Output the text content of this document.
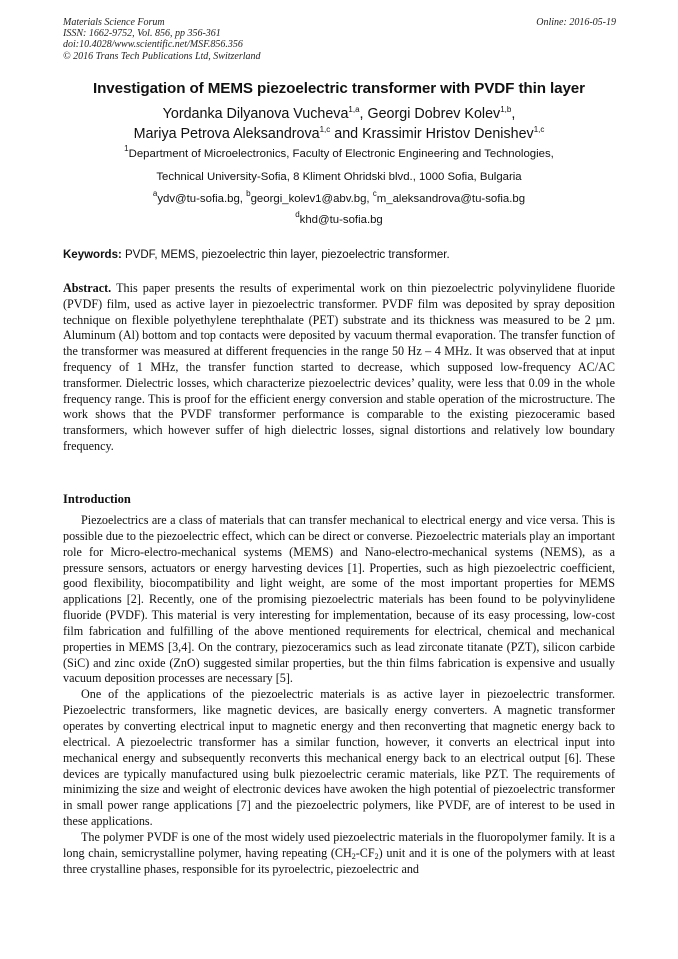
Materials Science Forum
ISSN: 1662-9752, Vol. 856, pp 356-361
doi:10.4028/www.scientific.net/MSF.856.356
© 2016 Trans Tech Publications Ltd, Switzerland
Online: 2016-05-19
Investigation of MEMS piezoelectric transformer with PVDF thin layer
Yordanka Dilyanova Vucheva$^{1,a}$, Georgi Dobrev Kolev$^{1,b}$,
Mariya Petrova Aleksandrova$^{1,c}$ and Krassimir Hristov Denishev$^{1,c}$
$^1$Department of Microelectronics, Faculty of Electronic Engineering and Technologies,
Technical University-Sofia, 8 Kliment Ohridski blvd., 1000 Sofia, Bulgaria
$^a$ydv@tu-sofia.bg, $^b$georgi_kolev1@abv.bg, $^c$m_aleksandrova@tu-sofia.bg
$^d$khd@tu-sofia.bg
Keywords: PVDF, MEMS, piezoelectric thin layer, piezoelectric transformer.
Abstract. This paper presents the results of experimental work on thin piezoelectric polyvinylidene fluoride (PVDF) film, used as active layer in piezoelectric transformer. PVDF film was deposited by spray deposition technique on flexible polyethylene terephthalate (PET) substrate and its thickness was measured to be 2 µm. Aluminum (Al) bottom and top contacts were deposited by vacuum thermal evaporation. The transfer function of the transformer was measured at different frequencies in the range 50 Hz – 4 MHz. It was observed that at input frequency of 1 MHz, the transfer function started to decrease, which supposed low-frequency AC/AC transformer. Dielectric losses, which characterize piezoelectric devices’ quality, were less that 0.09 in the whole frequency range. This is proof for the efficient energy conversion and stable operation of the microstructure. The work shows that the PVDF transformer performance is comparable to the existing piezoceramic based transformers, which however suffer of high dielectric losses, signal distortions and relatively low boundary frequency.
Introduction

Piezoelectrics are a class of materials that can transfer mechanical to electrical energy and vice versa. This is possible due to the piezoelectric effect, which can be direct or converse. Piezoelectric materials play an important role for Micro-electro-mechanical systems (MEMS) and Nano-electro-mechanical systems (NEMS), as a pressure sensors, actuators or energy harvesting devices [1]. Properties, such as high piezoelectric coefficient, good flexibility, biocompatibility and light weight, are some of the most important properties for MEMS applications [2]. Recently, one of the promising piezoelectric materials has been found to be polyvinylidene fluoride (PVDF). This material is very interesting for implementation, because of its easy processing, low-cost film fabrication and fulfilling of the above mentioned requirements for electrical, chemical and mechanical properties in MEMS [3,4]. On the contrary, piezoceramics such as lead zirconate titanate (PZT), silicon carbide (SiC) and zinc oxide (ZnO) suggested similar properties, but the thin films fabrication is expensive and usually vacuum deposition processes are necessary [5].

One of the applications of the piezoelectric materials is as active layer in piezoelectric transformer. Piezoelectric transformers, like magnetic devices, are basically energy converters. A magnetic transformer operates by converting electrical input to magnetic energy and then reconverting that magnetic energy back to electrical. A piezoelectric transformer has a similar function, however, it converts an electrical input into mechanical energy and subsequently reconverts this mechanical energy back to an electrical output [6]. These devices are typically manufactured using bulk piezoelectric ceramic materials, like PZT. The requirements of minimizing the size and weight of electronic devices have awoken the high potential of piezoelectric transformer in small power range applications [7] and the piezoelectric polymers, like PVDF, are of interest to be used in these applications.

The polymer PVDF is one of the most widely used piezoelectric materials in the fluoropolymer family. It is a long chain, semicrystalline polymer, having repeating $(CH_2-CF_2)$ unit and it is one of the polymers with at least three crystalline phases, responsible for its pyroelectric, piezoelectric and
